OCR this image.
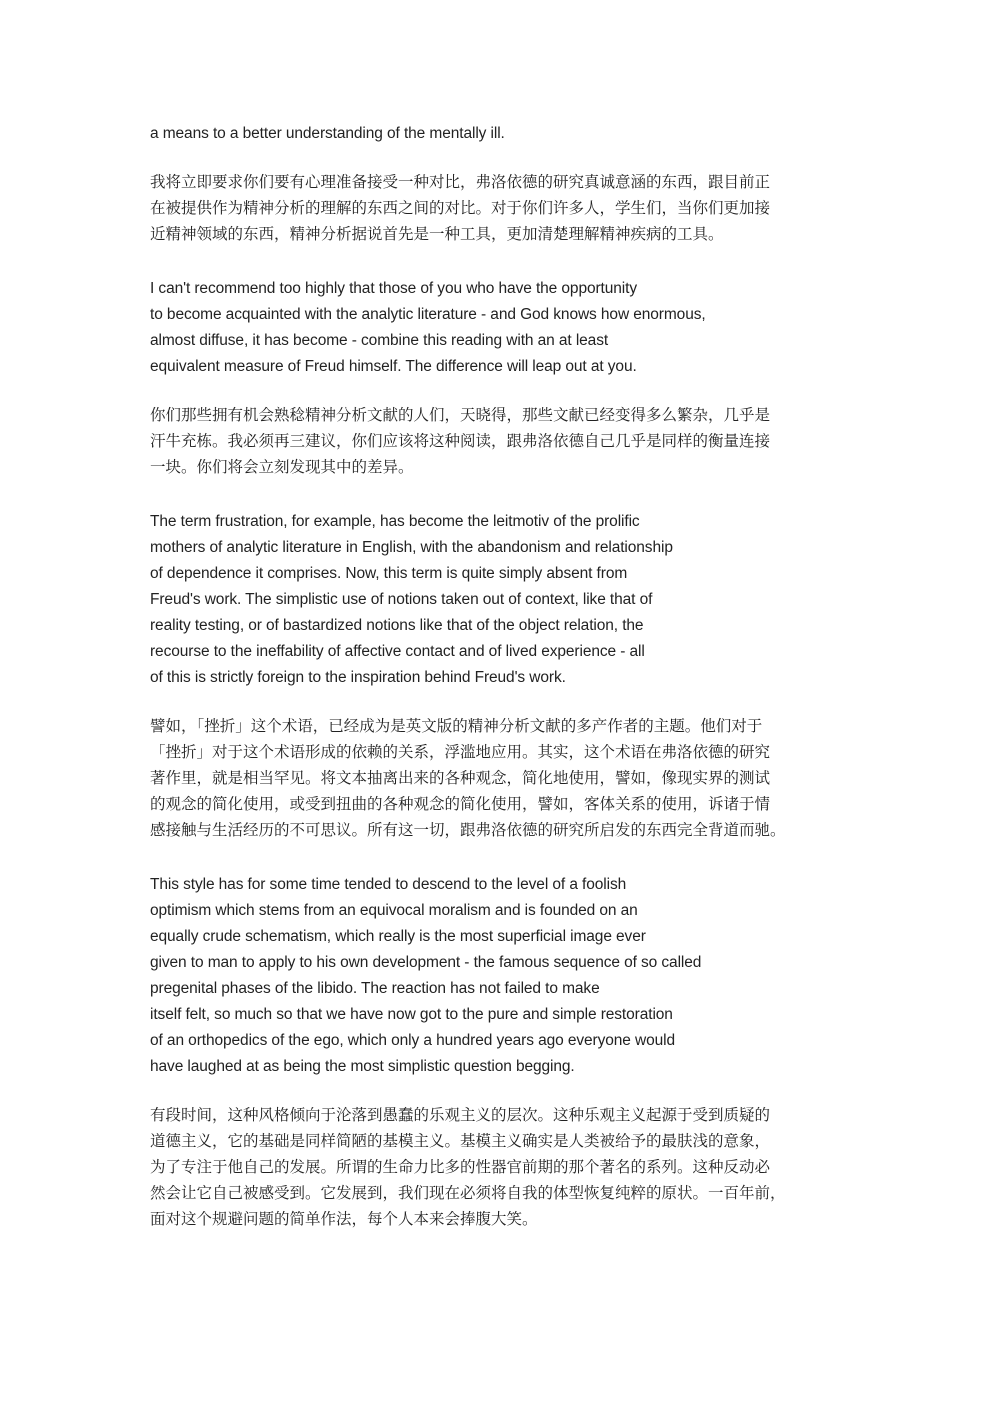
a means to a better understanding of the mentally ill.
我将立即要求你们要有心理准备接受一种对比，弗洛依德的研究真诚意涵的东西，跟目前正
在被提供作为精神分析的理解的东西之间的对比。对于你们许多人，学生们，当你们更加接
近精神领域的东西，精神分析据说首先是一种工具，更加清楚理解精神疾病的工具。
I can't recommend too highly that those of you who have the opportunity
to become acquainted with the analytic literature - and God knows how enormous,
almost diffuse, it has become - combine this reading with an at least
equivalent measure of Freud himself. The difference will leap out at you.
你们那些拥有机会熟稔精神分析文献的人们，天晓得，那些文献已经变得多么繁杂，几乎是
汗牛充栋。我必须再三建议，你们应该将这种阅读，跟弗洛依德自己几乎是同样的衡量连接
一块。你们将会立刻发现其中的差异。
The term frustration, for example, has become the leitmotiv of the prolific
mothers of analytic literature in English, with the abandonism and relationship
of dependence it comprises. Now, this term is quite simply absent from
Freud's work. The simplistic use of notions taken out of context, like that of
reality testing, or of bastardized notions like that of the object relation, the
recourse to the ineffability of affective contact and of lived experience - all
of this is strictly foreign to the inspiration behind Freud's work.
譬如，「挫折」这个术语，已经成为是英文版的精神分析文献的多产作者的主题。他们对于
「挫折」对于这个术语形成的依赖的关系，浮滥地应用。其实，这个术语在弗洛依德的研究
著作里，就是相当罕见。将文本抽离出来的各种观念，简化地使用，譬如，像现实界的测试
的观念的简化使用，或受到扭曲的各种观念的简化使用，譬如，客体关系的使用，诉诸于情
感接触与生活经历的不可思议。所有这一切，跟弗洛依德的研究所启发的东西完全背道而驰。
This style has for some time tended to descend to the level of a foolish
optimism which stems from an equivocal moralism and is founded on an
equally crude schematism, which really is the most superficial image ever
given to man to apply to his own development - the famous sequence of so called
pregenital phases of the libido. The reaction has not failed to make
itself felt, so much so that we have now got to the pure and simple restoration
of an orthopedics of the ego, which only a hundred years ago everyone would
have laughed at as being the most simplistic question begging.
有段时间，这种风格倾向于沦落到愚蠢的乐观主义的层次。这种乐观主义起源于受到质疑的
道德主义，它的基础是同样简陋的基模主义。基模主义确实是人类被给予的最肤浅的意象，
为了专注于他自己的发展。所谓的生命力比多的性器官前期的那个著名的系列。这种反动必
然会让它自己被感受到。它发展到，我们现在必须将自我的体型恢复纯粹的原状。一百年前，
面对这个规避问题的简单作法，每个人本来会捧腹大笑。
